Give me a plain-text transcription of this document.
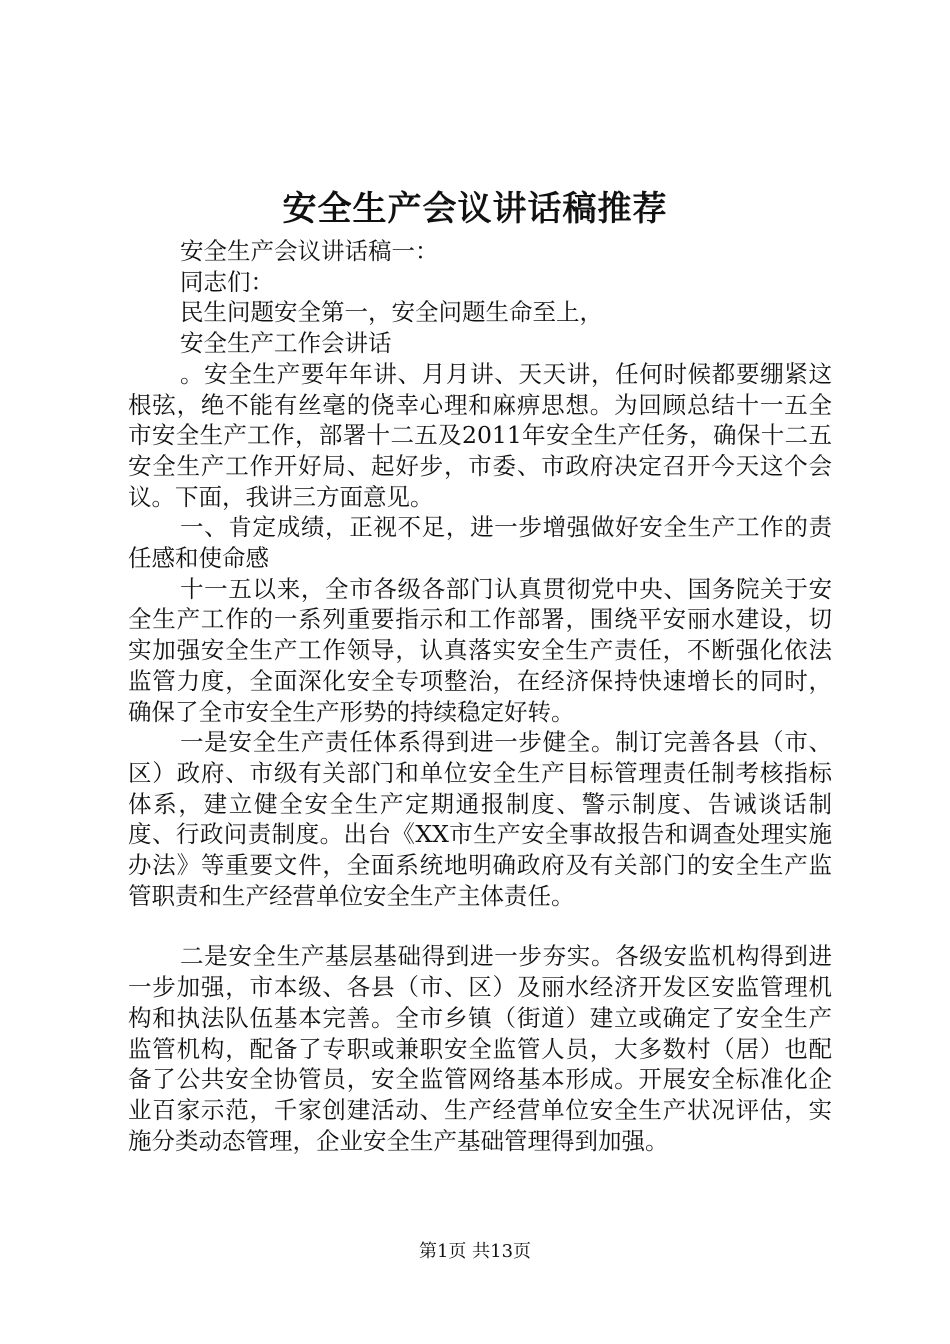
安全生产会议讲话稿推荐

安全生产会议讲话稿一：

同志们：

民生问题安全第一，安全问题生命至上，

安全生产工作会讲话

。安全生产要年年讲、月月讲、天天讲，任何时候都要绷紧这根弦，绝不能有丝毫的侥幸心理和麻痹思想。为回顾总结十一五全市安全生产工作，部署十二五及2011年安全生产任务，确保十二五安全生产工作开好局、起好步，市委、市政府决定召开今天这个会议。下面，我讲三方面意见。

一、肯定成绩，正视不足，进一步增强做好安全生产工作的责任感和使命感

十一五以来，全市各级各部门认真贯彻党中央、国务院关于安全生产工作的一系列重要指示和工作部署，围绕平安丽水建设，切实加强安全生产工作领导，认真落实安全生产责任，不断强化依法监管力度，全面深化安全专项整治，在经济保持快速增长的同时，确保了全市安全生产形势的持续稳定好转。

一是安全生产责任体系得到进一步健全。制订完善各县（市、区）政府、市级有关部门和单位安全生产目标管理责任制考核指标体系，建立健全安全生产定期通报制度、警示制度、告诫谈话制度、行政问责制度。出台《XX市生产安全事故报告和调查处理实施办法》等重要文件，全面系统地明确政府及有关部门的安全生产监管职责和生产经营单位安全生产主体责任。

二是安全生产基层基础得到进一步夯实。各级安监机构得到进一步加强，市本级、各县（市、区）及丽水经济开发区安监管理机构和执法队伍基本完善。全市乡镇（街道）建立或确定了安全生产监管机构，配备了专职或兼职安全监管人员，大多数村（居）也配备了公共安全协管员，安全监管网络基本形成。开展安全标准化企业百家示范，千家创建活动、生产经营单位安全生产状况评估，实施分类动态管理，企业安全生产基础管理得到加强。

第1页 共13页
